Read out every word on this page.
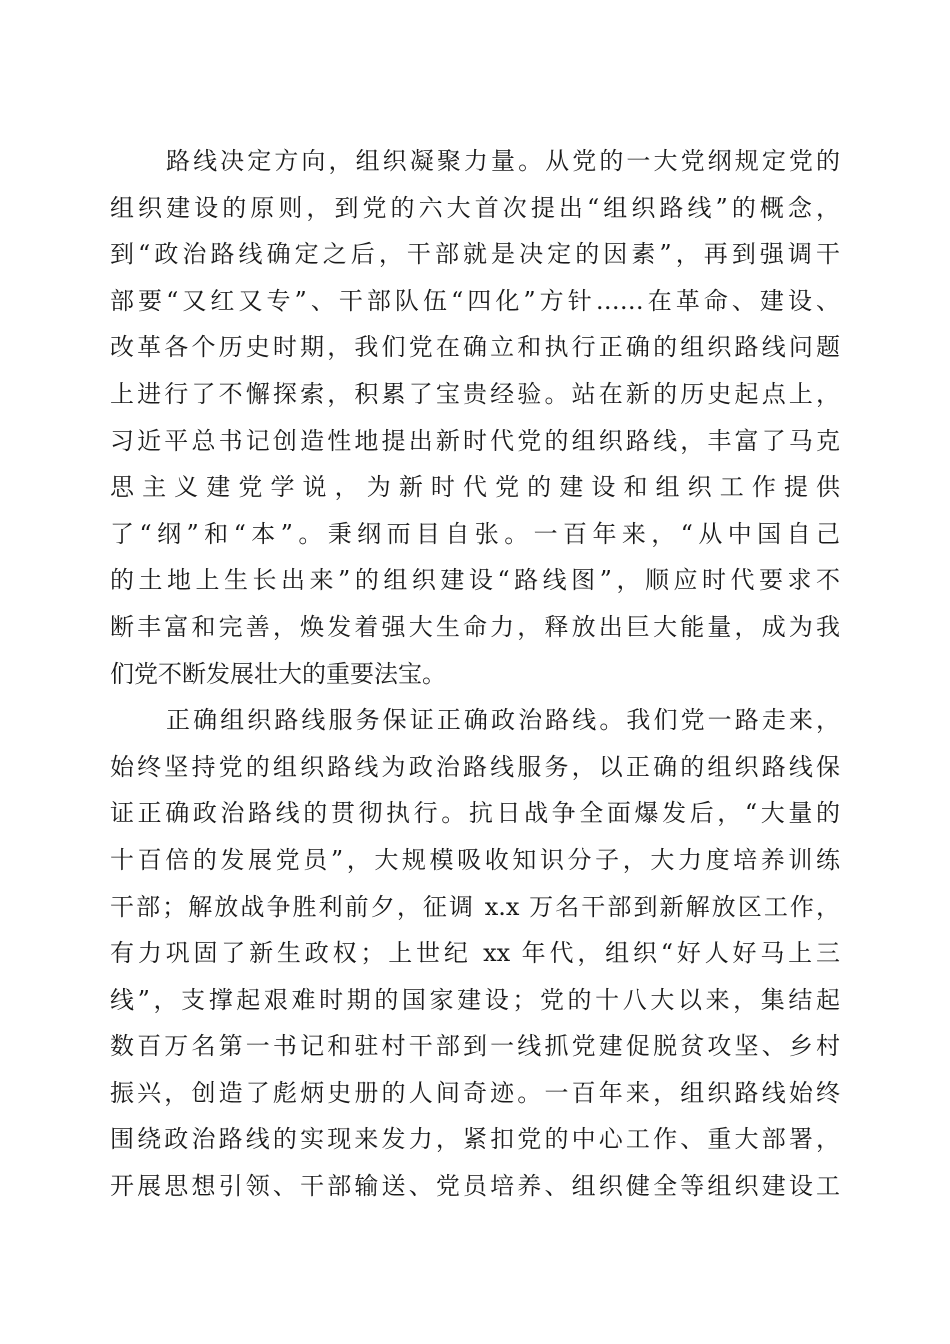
路线决定方向，组织凝聚力量。从党的一大党纲规定党的
组织建设的原则，到党的六大首次提出“组织路线”的概念，
到“政治路线确定之后，干部就是决定的因素”，再到强调干
部要“又红又专”、干部队伍“四化”方针……在革命、建设、
改革各个历史时期，我们党在确立和执行正确的组织路线问题
上进行了不懈探索，积累了宝贵经验。站在新的历史起点上，
习近平总书记创造性地提出新时代党的组织路线，丰富了马克
思主义建党学说，为新时代党的建设和组织工作提供
了“纲”和“本”。秉纲而目自张。一百年来，“从中国自己
的土地上生长出来”的组织建设“路线图”，顺应时代要求不
断丰富和完善，焕发着强大生命力，释放出巨大能量，成为我
们党不断发展壮大的重要法宝。
正确组织路线服务保证正确政治路线。我们党一路走来，
始终坚持党的组织路线为政治路线服务，以正确的组织路线保
证正确政治路线的贯彻执行。抗日战争全面爆发后，“大量的
十百倍的发展党员”，大规模吸收知识分子，大力度培养训练
干部；解放战争胜利前夕，征调 x.x 万名干部到新解放区工作，
有力巩固了新生政权；上世纪 xx 年代，组织“好人好马上三
线”，支撑起艰难时期的国家建设；党的十八大以来，集结起
数百万名第一书记和驻村干部到一线抓党建促脱贫攻坚、乡村
振兴，创造了彪炳史册的人间奇迹。一百年来，组织路线始终
围绕政治路线的实现来发力，紧扣党的中心工作、重大部署，
开展思想引领、干部输送、党员培养、组织健全等组织建设工
